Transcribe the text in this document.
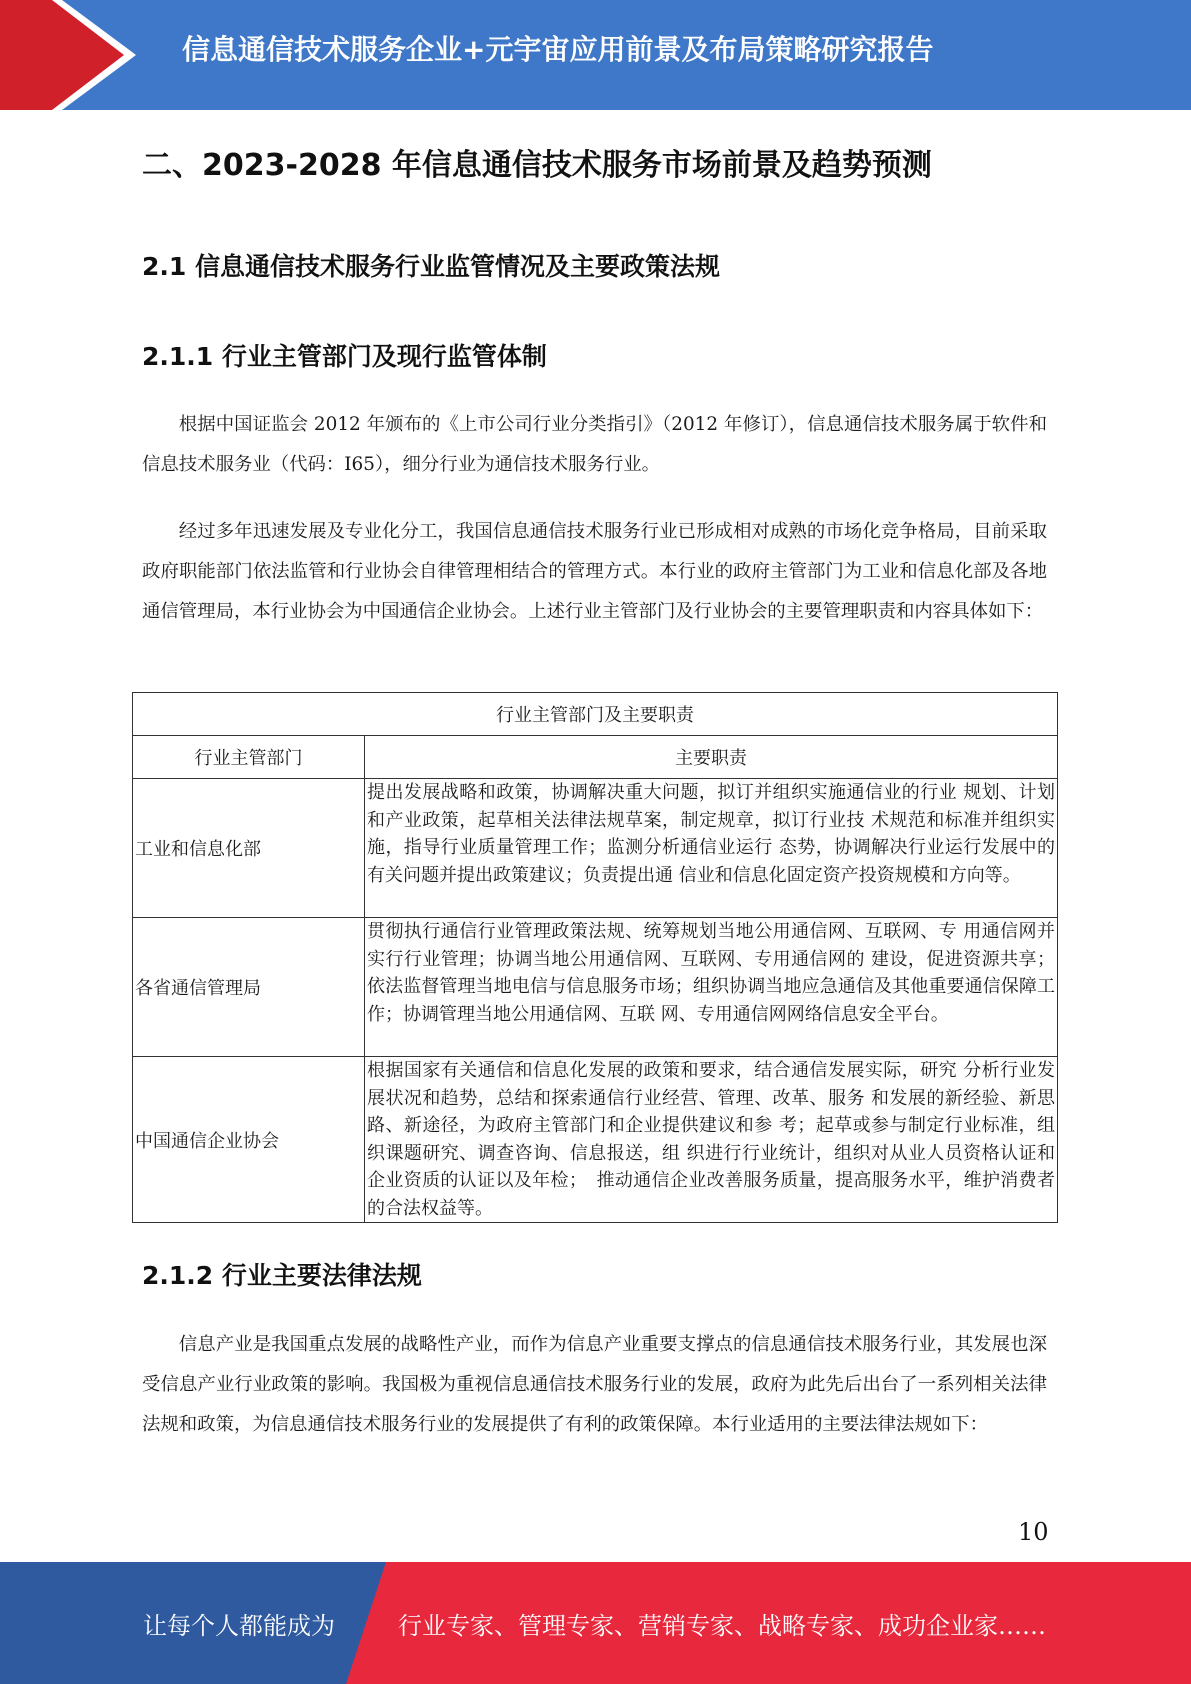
信息通信技术服务企业+元宇宙应用前景及布局策略研究报告
二、2023-2028 年信息通信技术服务市场前景及趋势预测
2.1 信息通信技术服务行业监管情况及主要政策法规
2.1.1 行业主管部门及现行监管体制
根据中国证监会 2012 年颁布的《上市公司行业分类指引》（2012 年修订），信息通信技术服务属于软件和信息技术服务业（代码：I65），细分行业为通信技术服务行业。
经过多年迅速发展及专业化分工，我国信息通信技术服务行业已形成相对成熟的市场化竞争格局，目前采取政府职能部门依法监管和行业协会自律管理相结合的管理方式。本行业的政府主管部门为工业和信息化部及各地通信管理局，本行业协会为中国通信企业协会。上述行业主管部门及行业协会的主要管理职责和内容具体如下：
行业主管部门及主要职责	
行业主管部门	主要职责
工业和信息化部	提出发展战略和政策，协调解决重大问题，拟订并组织实施通信业的行业 规划、计划和产业政策，起草相关法律法规草案，制定规章，拟订行业技 术规范和标准并组织实施，指导行业质量管理工作；监测分析通信业运行 态势，协调解决行业运行发展中的有关问题并提出政策建议；负责提出通 信业和信息化固定资产投资规模和方向等。
各省通信管理局	贯彻执行通信行业管理政策法规、统筹规划当地公用通信网、互联网、专 用通信网并实行行业管理；协调当地公用通信网、互联网、专用通信网的 建设，促进资源共享；依法监督管理当地电信与信息服务市场；组织协调当地应急通信及其他重要通信保障工作；协调管理当地公用通信网、互联 网、专用通信网网络信息安全平台。
中国通信企业协会	根据国家有关通信和信息化发展的政策和要求，结合通信发展实际，研究 分析行业发展状况和趋势，总结和探索通信行业经营、管理、改革、服务 和发展的新经验、新思路、新途径，为政府主管部门和企业提供建议和参 考；起草或参与制定行业标准，组织课题研究、调查咨询、信息报送，组 织进行行业统计，组织对从业人员资格认证和企业资质的认证以及年检；　推动通信企业改善服务质量，提高服务水平，维护消费者的合法权益等。
2.1.2 行业主要法律法规
信息产业是我国重点发展的战略性产业，而作为信息产业重要支撑点的信息通信技术服务行业，其发展也深受信息产业行业政策的影响。我国极为重视信息通信技术服务行业的发展，政府为此先后出台了一系列相关法律法规和政策，为信息通信技术服务行业的发展提供了有利的政策保障。本行业适用的主要法律法规如下：
10
让每个人都能成为	行业专家、管理专家、营销专家、战略专家、成功企业家……
